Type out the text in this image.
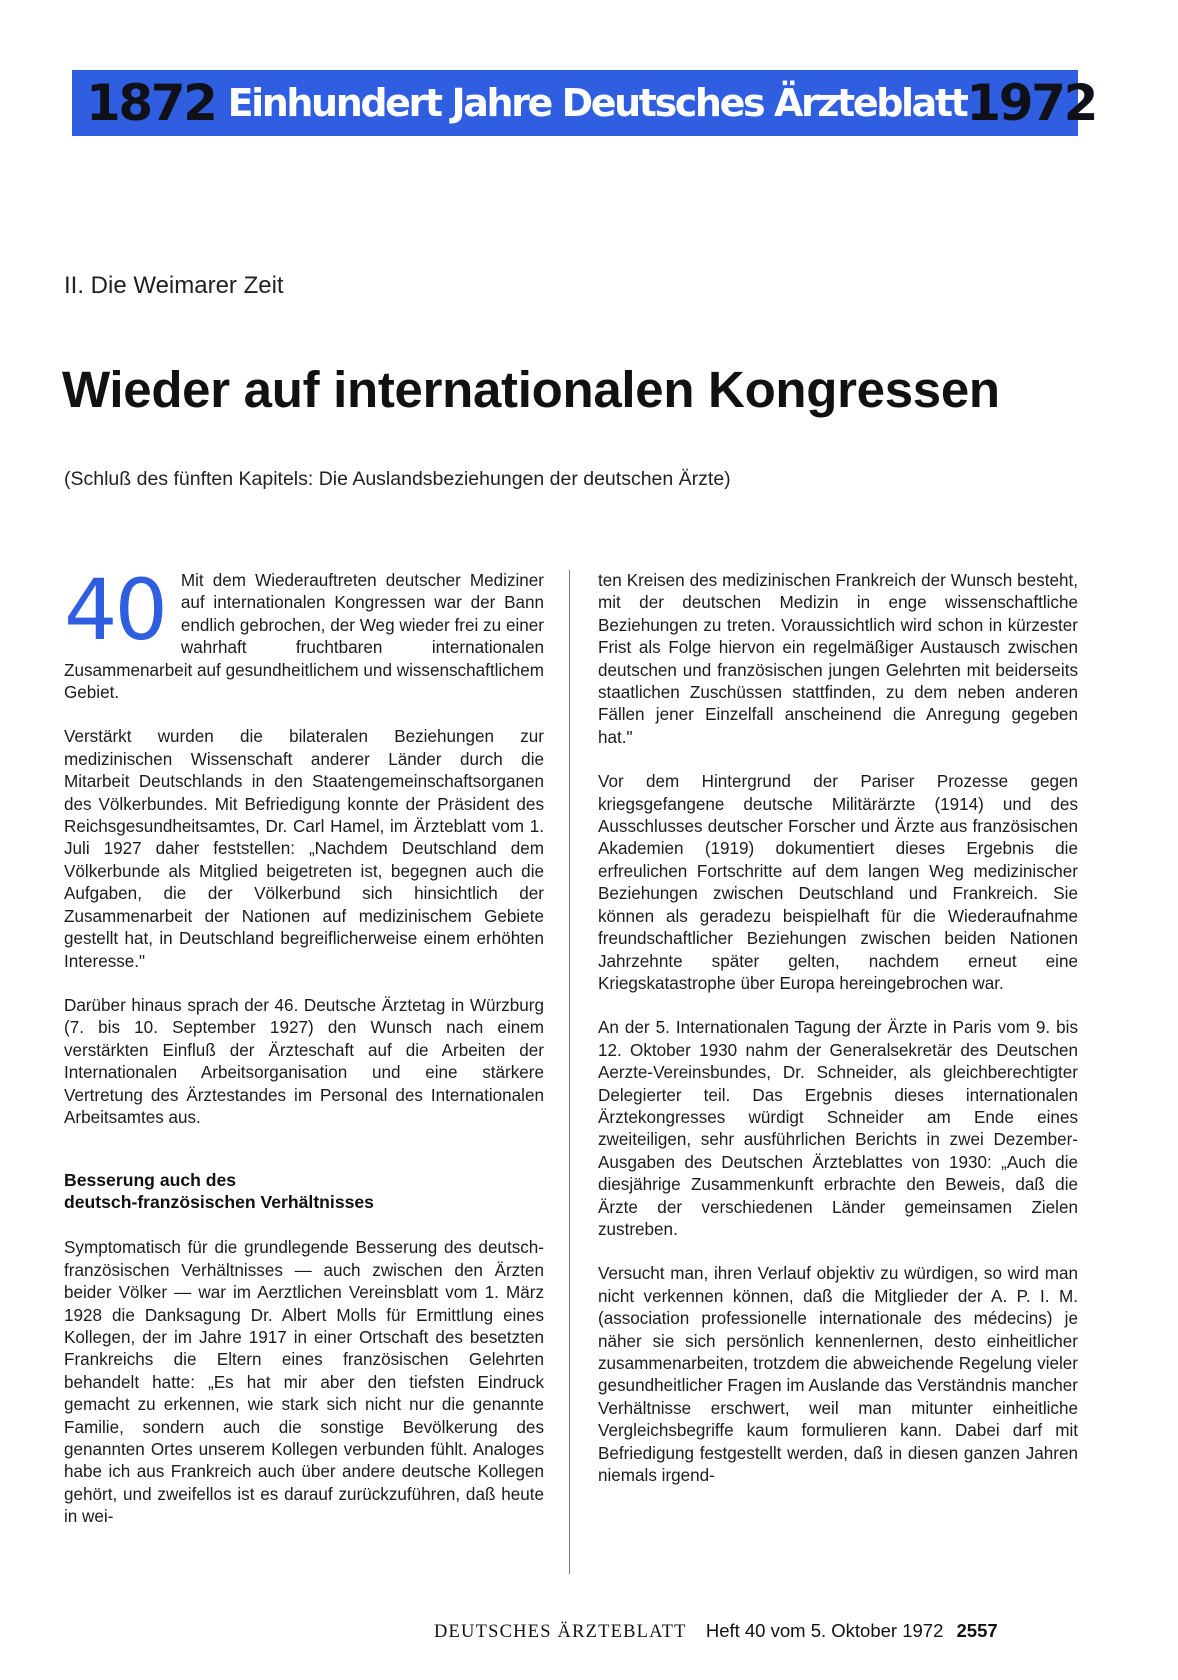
1872 Einhundert Jahre Deutsches Ärzteblatt 1972
II. Die Weimarer Zeit
Wieder auf internationalen Kongressen
(Schluß des fünften Kapitels: Die Auslandsbeziehungen der deutschen Ärzte)
40 Mit dem Wiederauftreten deutscher Mediziner auf internationalen Kongressen war der Bann endlich gebrochen, der Weg wieder frei zu einer wahrhaft fruchtbaren internationalen Zusammenarbeit auf gesundheitlichem und wissenschaftlichem Gebiet.

Verstärkt wurden die bilateralen Beziehungen zur medizinischen Wissenschaft anderer Länder durch die Mitarbeit Deutschlands in den Staatengemeinschaftsorganen des Völkerbundes. Mit Befriedigung konnte der Präsident des Reichsgesundheitsamtes, Dr. Carl Hamel, im Ärzteblatt vom 1. Juli 1927 daher feststellen: „Nachdem Deutschland dem Völkerbunde als Mitglied beigetreten ist, begegnen auch die Aufgaben, die der Völkerbund sich hinsichtlich der Zusammenarbeit der Nationen auf medizinischem Gebiete gestellt hat, in Deutschland begreiflicherweise einem erhöhten Interesse."

Darüber hinaus sprach der 46. Deutsche Ärztetag in Würzburg (7. bis 10. September 1927) den Wunsch nach einem verstärkten Einfluß der Ärzteschaft auf die Arbeiten der Internationalen Arbeitsorganisation und eine stärkere Vertretung des Ärztestandes im Personal des Internationalen Arbeitsamtes aus.

Besserung auch des
deutsch-französischen Verhältnisses

Symptomatisch für die grundlegende Besserung des deutsch-französischen Verhältnisses — auch zwischen den Ärzten beider Völker — war im Aerztlichen Vereinsblatt vom 1. März 1928 die Danksagung Dr. Albert Molls für Ermittlung eines Kollegen, der im Jahre 1917 in einer Ortschaft des besetzten Frankreichs die Eltern eines französischen Gelehrten behandelt hatte: „Es hat mir aber den tiefsten Eindruck gemacht zu erkennen, wie stark sich nicht nur die genannte Familie, sondern auch die sonstige Bevölkerung des genannten Ortes unserem Kollegen verbunden fühlt. Analoges habe ich aus Frankreich auch über andere deutsche Kollegen gehört, und zweifellos ist es darauf zurückzuführen, daß heute in wei-

ten Kreisen des medizinischen Frankreich der Wunsch besteht, mit der deutschen Medizin in enge wissenschaftliche Beziehungen zu treten. Voraussichtlich wird schon in kürzester Frist als Folge hiervon ein regelmäßiger Austausch zwischen deutschen und französischen jungen Gelehrten mit beiderseits staatlichen Zuschüssen stattfinden, zu dem neben anderen Fällen jener Einzelfall anscheinend die Anregung gegeben hat."

Vor dem Hintergrund der Pariser Prozesse gegen kriegsgefangene deutsche Militärärzte (1914) und des Ausschlusses deutscher Forscher und Ärzte aus französischen Akademien (1919) dokumentiert dieses Ergebnis die erfreulichen Fortschritte auf dem langen Weg medizinischer Beziehungen zwischen Deutschland und Frankreich. Sie können als geradezu beispielhaft für die Wiederaufnahme freundschaftlicher Beziehungen zwischen beiden Nationen Jahrzehnte später gelten, nachdem erneut eine Kriegskatastrophe über Europa hereingebrochen war.

An der 5. Internationalen Tagung der Ärzte in Paris vom 9. bis 12. Oktober 1930 nahm der Generalsekretär des Deutschen Aerzte-Vereinsbundes, Dr. Schneider, als gleichberechtigter Delegierter teil. Das Ergebnis dieses internationalen Ärztekongresses würdigt Schneider am Ende eines zweiteiligen, sehr ausführlichen Berichts in zwei Dezember-Ausgaben des Deutschen Ärzteblattes von 1930: „Auch die diesjährige Zusammenkunft erbrachte den Beweis, daß die Ärzte der verschiedenen Länder gemeinsamen Zielen zustreben.

Versucht man, ihren Verlauf objektiv zu würdigen, so wird man nicht verkennen können, daß die Mitglieder der A. P. I. M. (association professionelle internationale des médecins) je näher sie sich persönlich kennenlernen, desto einheitlicher zusammenarbeiten, trotzdem die abweichende Regelung vieler gesundheitlicher Fragen im Auslande das Verständnis mancher Verhältnisse erschwert, weil man mitunter einheitliche Vergleichsbegriffe kaum formulieren kann. Dabei darf mit Befriedigung festgestellt werden, daß in diesen ganzen Jahren niemals irgend-

DEUTSCHES ÄRZTEBLATT Heft 40 vom 5. Oktober 1972 2557
